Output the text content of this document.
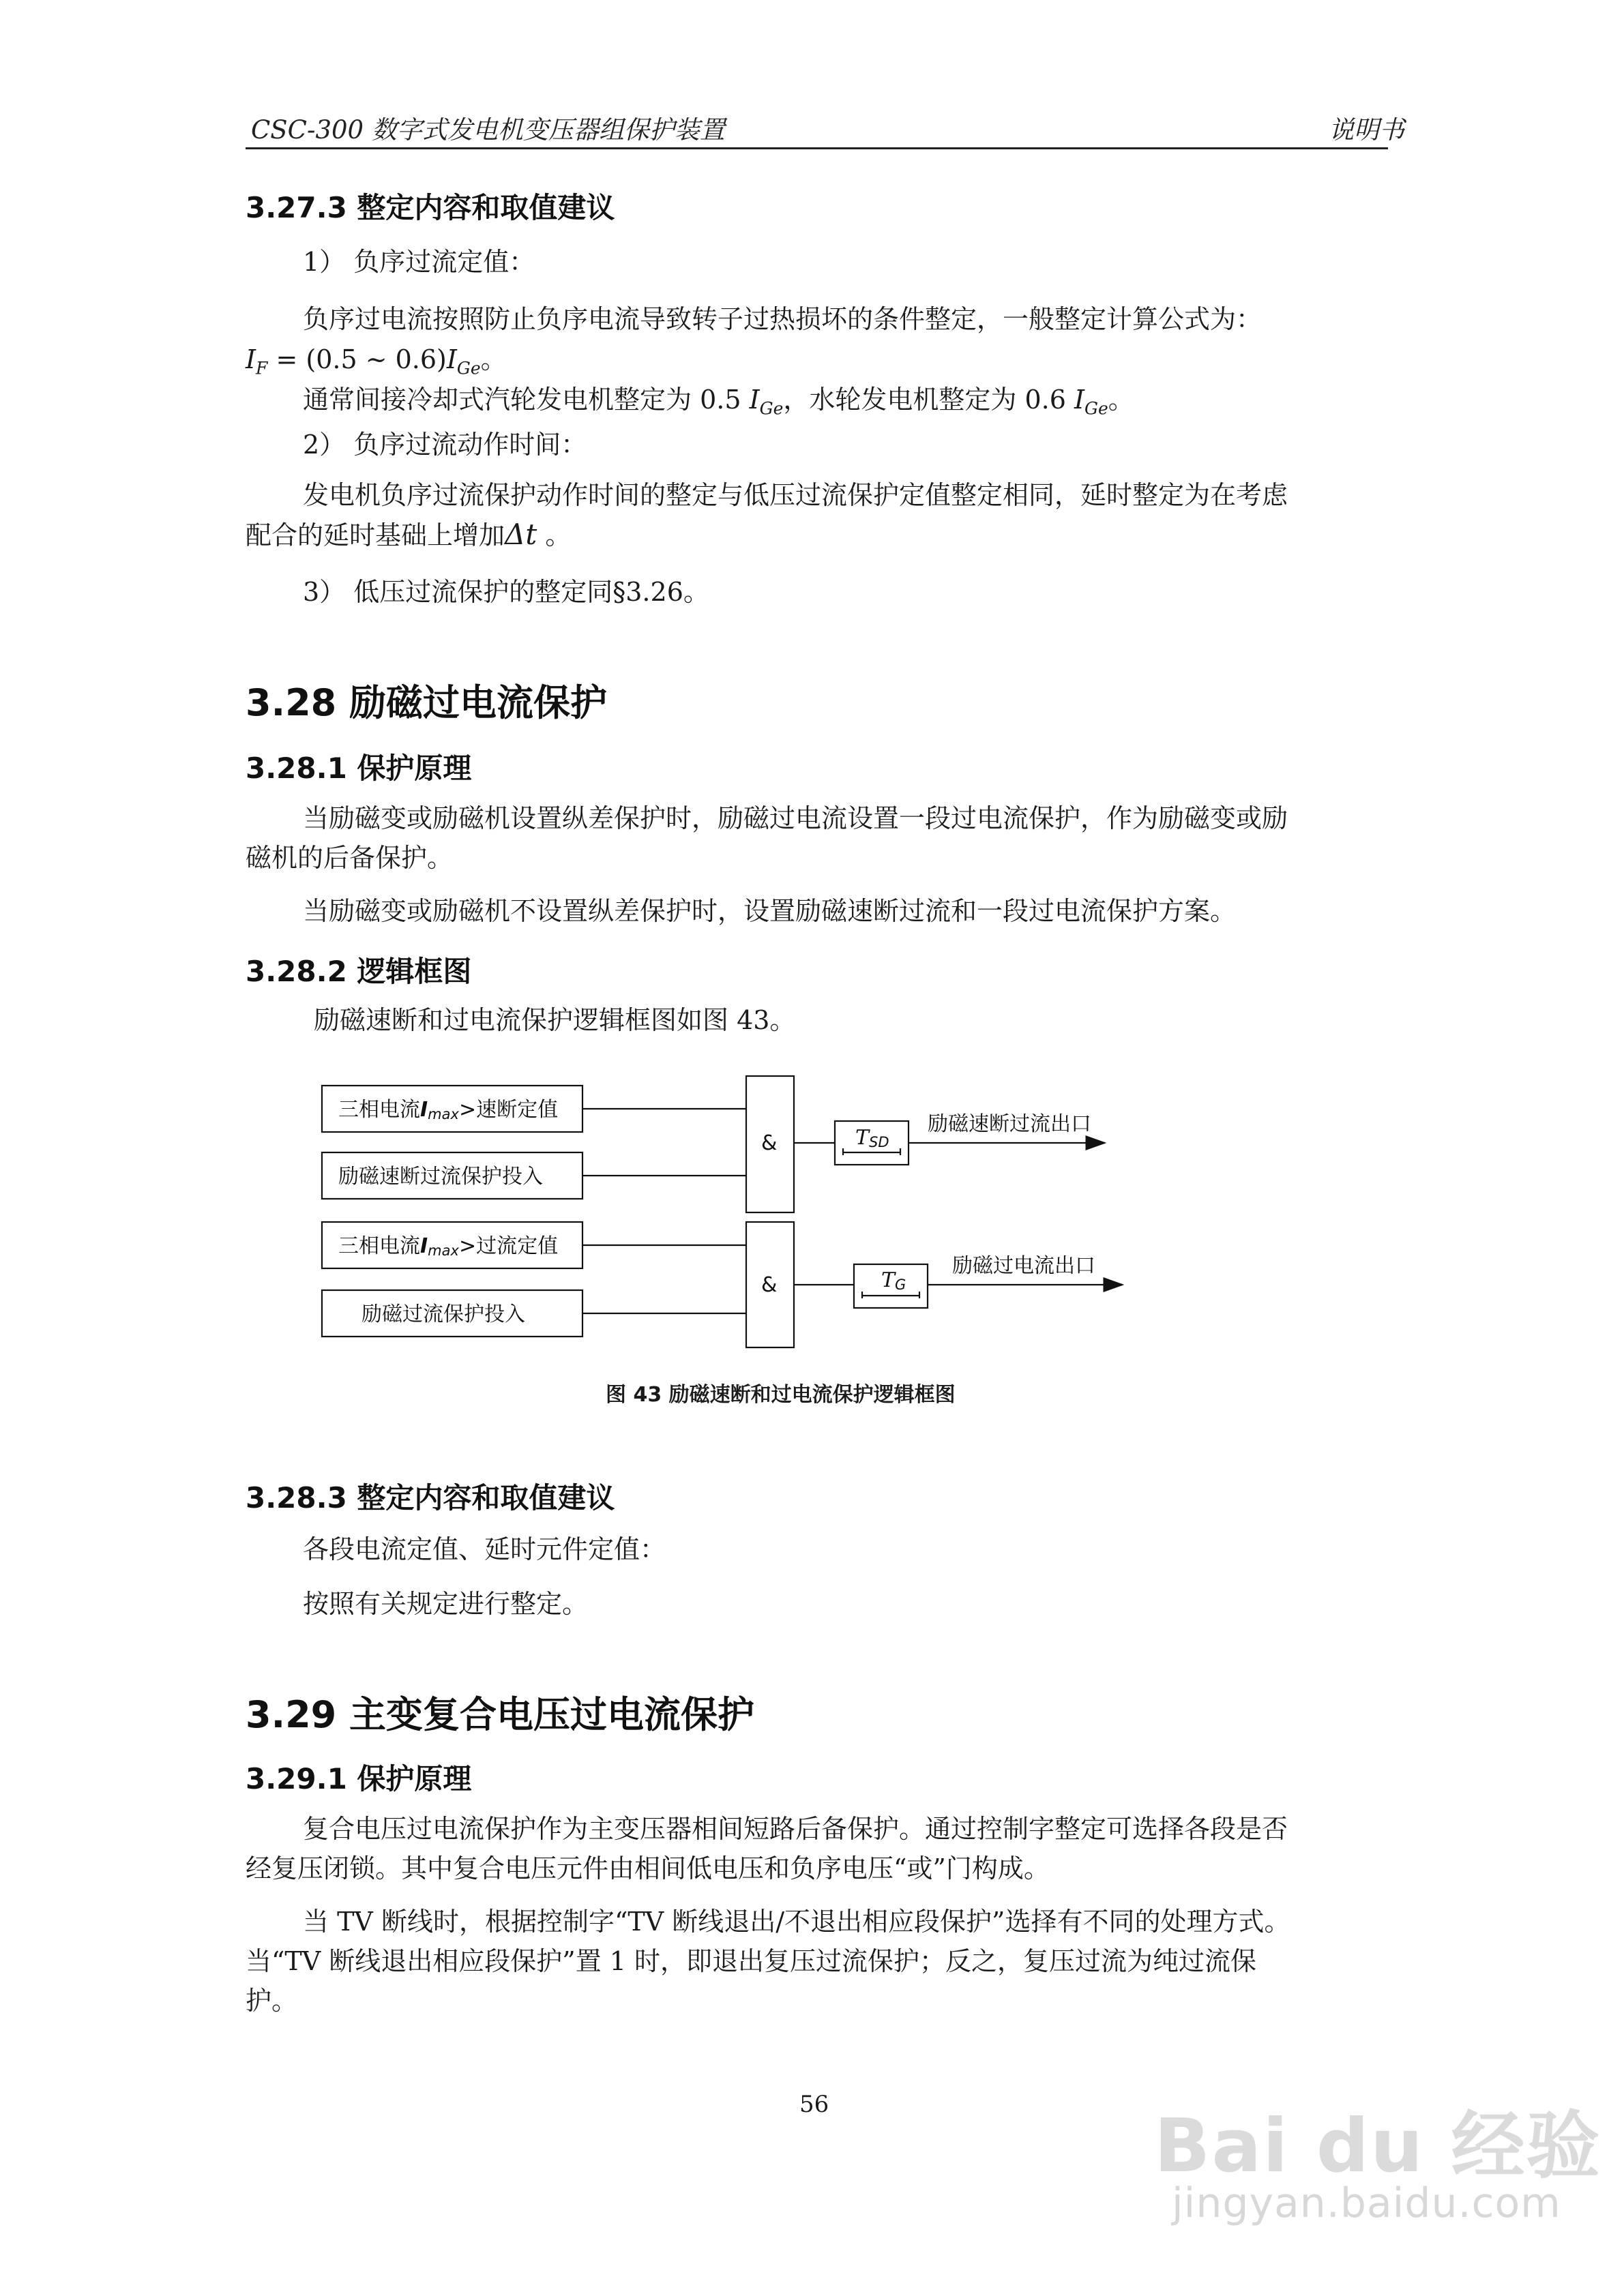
CSC-300 数字式发电机变压器组保护装置	说明书
3.27.3 整定内容和取值建议
1） 负序过流定值：
负序过电流按照防止负序电流导致转子过热损坏的条件整定，一般整定计算公式为：
$I_F = (0.5$ ~ $0.6)I_{Ge}$。
通常间接冷却式汽轮发电机整定为 0.5 $I_{Ge}$，水轮发电机整定为 0.6 $I_{Ge}$。
2） 负序过流动作时间：
发电机负序过流保护动作时间的整定与低压过流保护定值整定相同，延时整定为在考虑
配合的延时基础上增加Δt 。
3） 低压过流保护的整定同§3.26。
3.28 励磁过电流保护
3.28.1 保护原理
当励磁变或励磁机设置纵差保护时，励磁过电流设置一段过电流保护，作为励磁变或励
磁机的后备保护。
当励磁变或励磁机不设置纵差保护时，设置励磁速断过流和一段过电流保护方案。
3.28.2 逻辑框图
励磁速断和过电流保护逻辑框图如图 43。
三相电流Imax>速断定值
励磁速断过流保护投入
三相电流Imax>过流定值
励磁过流保护投入
&
&
TSD
TG
励磁速断过流出口
励磁过电流出口
图 43 励磁速断和过电流保护逻辑框图
3.28.3 整定内容和取值建议
各段电流定值、延时元件定值：
按照有关规定进行整定。
3.29 主变复合电压过电流保护
3.29.1 保护原理
复合电压过电流保护作为主变压器相间短路后备保护。通过控制字整定可选择各段是否
经复压闭锁。其中复合电压元件由相间低电压和负序电压“或”门构成。
当 TV 断线时，根据控制字“TV 断线退出/不退出相应段保护”选择有不同的处理方式。
当“TV 断线退出相应段保护”置 1 时，即退出复压过流保护；反之，复压过流为纯过流保
护。
56	Bai du 经验
jingyan.baidu.com
